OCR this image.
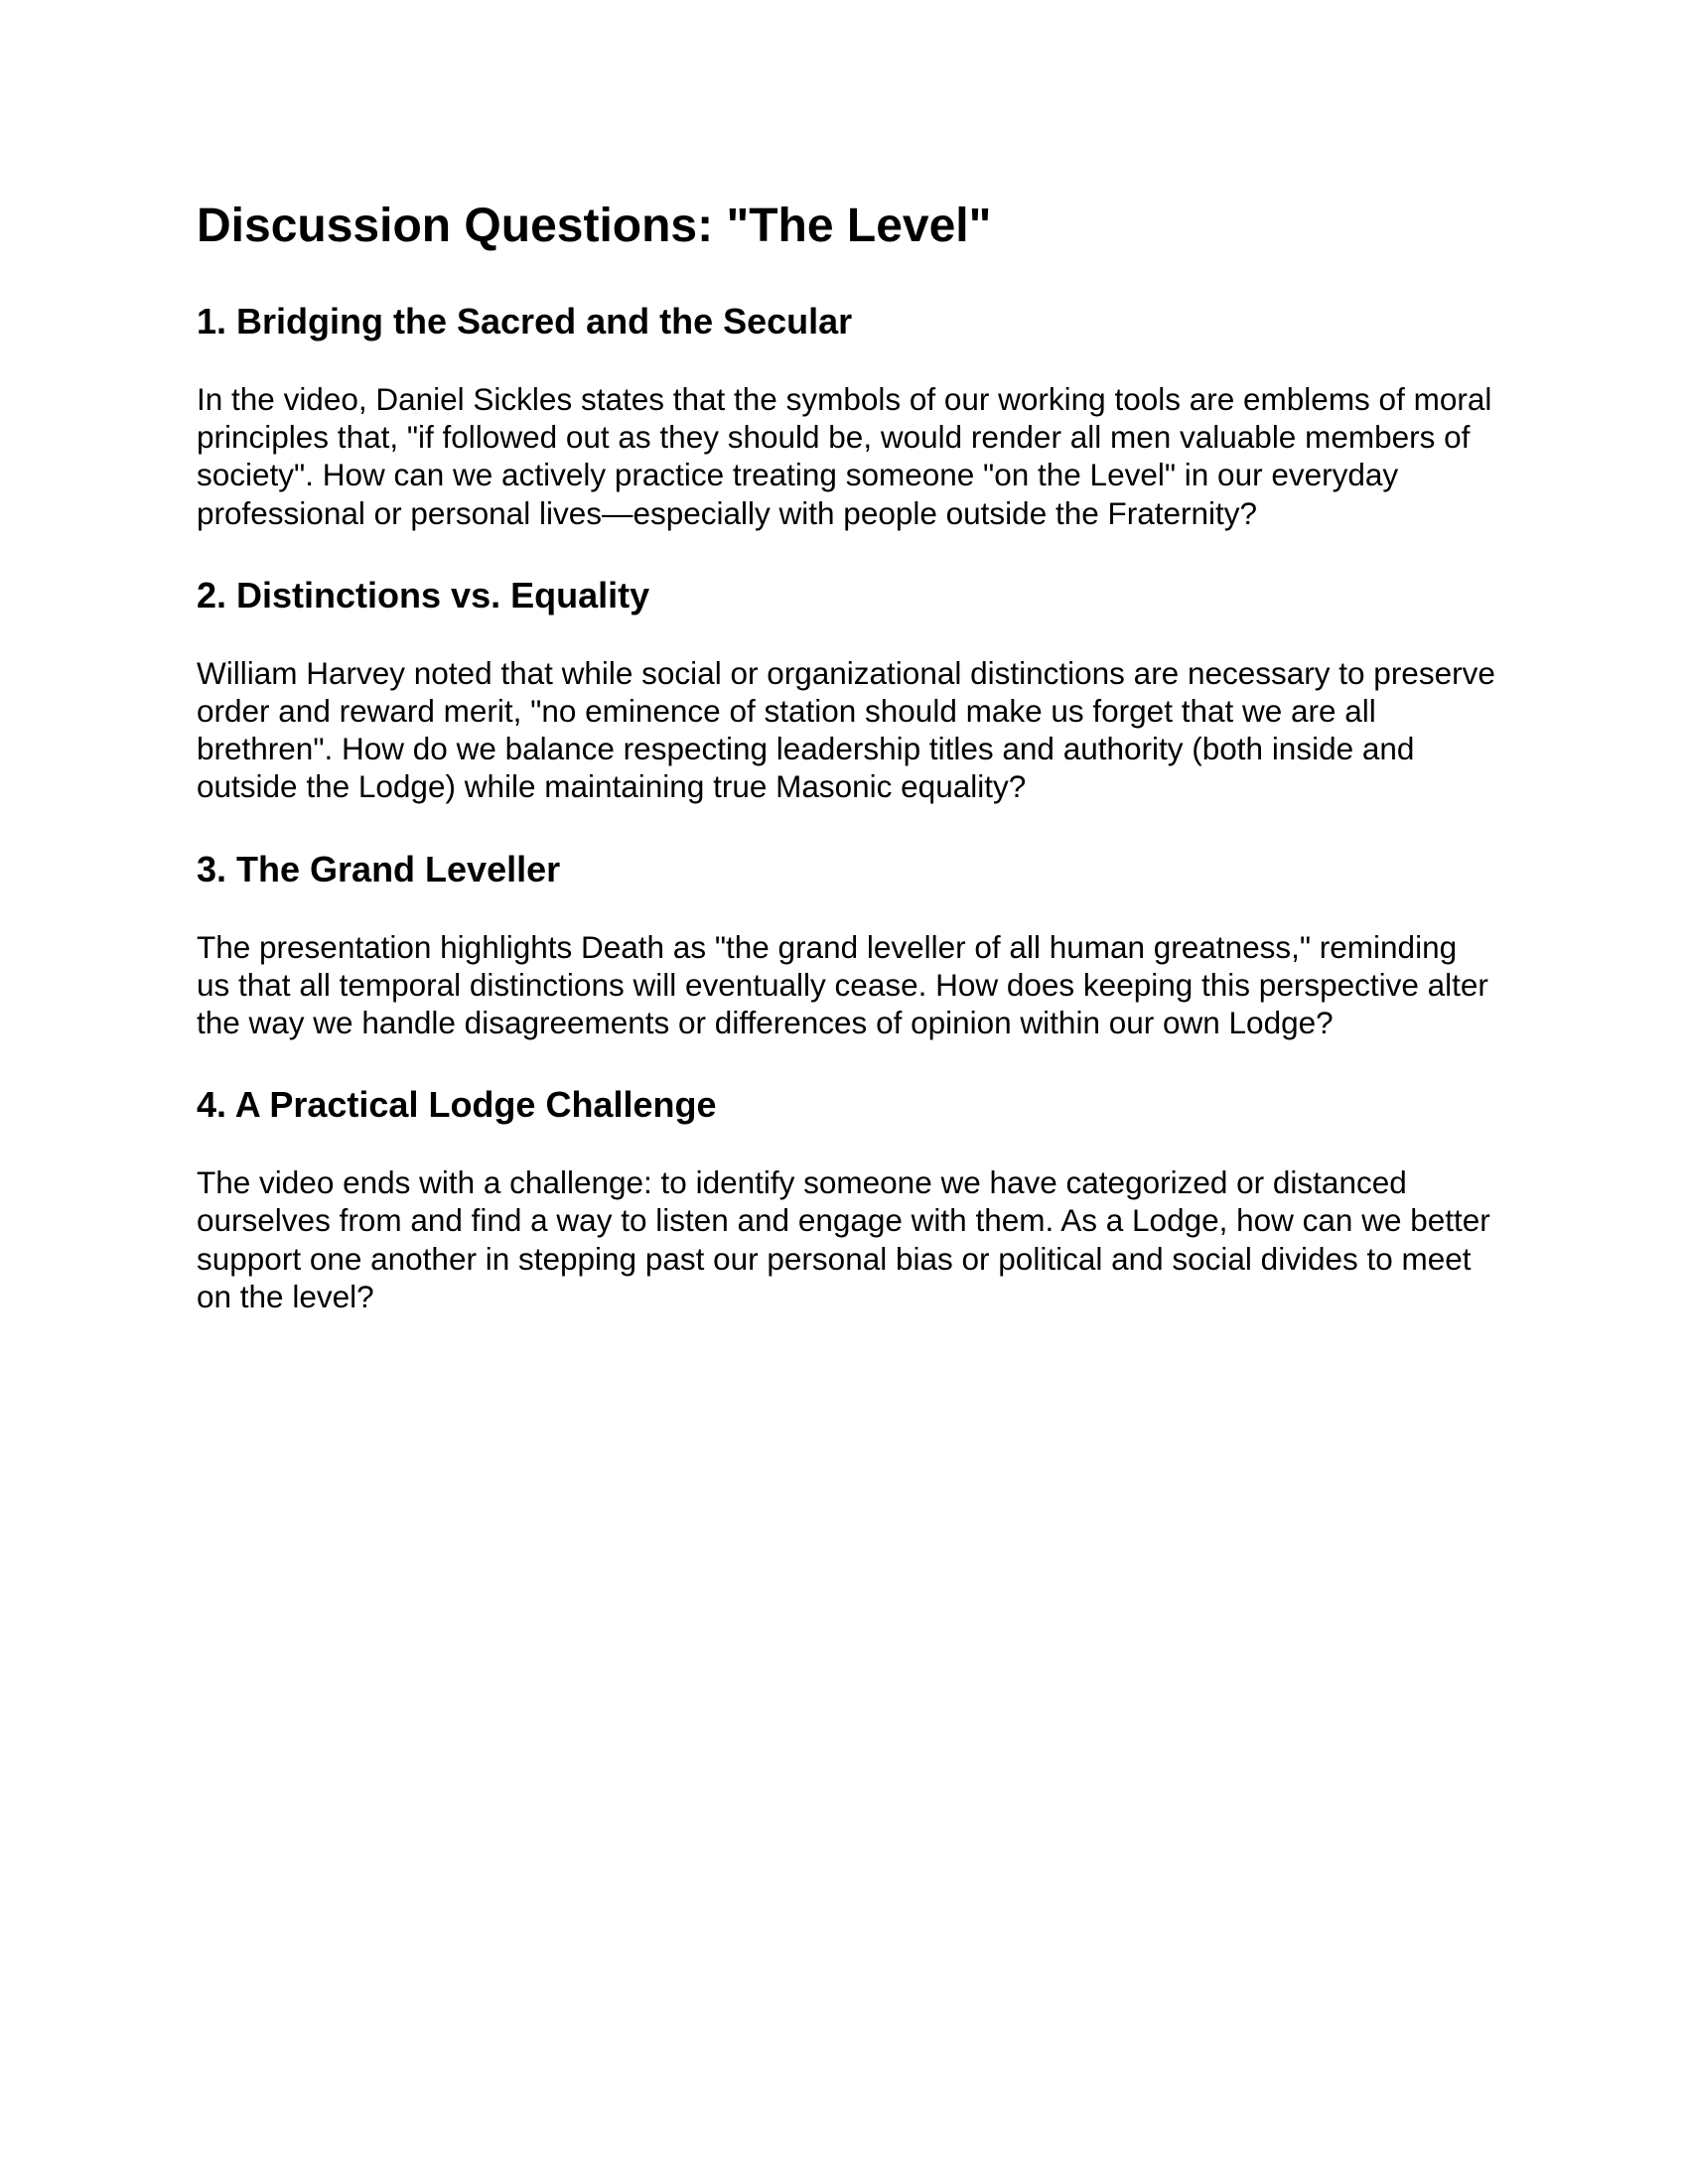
Discussion Questions: "The Level"
1. Bridging the Sacred and the Secular

In the video, Daniel Sickles states that the symbols of our working tools are emblems of moral principles that, "if followed out as they should be, would render all men valuable members of society". How can we actively practice treating someone "on the Level" in our everyday professional or personal lives—especially with people outside the Fraternity?

2. Distinctions vs. Equality

William Harvey noted that while social or organizational distinctions are necessary to preserve order and reward merit, "no eminence of station should make us forget that we are all brethren". How do we balance respecting leadership titles and authority (both inside and outside the Lodge) while maintaining true Masonic equality?

3. The Grand Leveller

The presentation highlights Death as "the grand leveller of all human greatness," reminding us that all temporal distinctions will eventually cease. How does keeping this perspective alter the way we handle disagreements or differences of opinion within our own Lodge?

4. A Practical Lodge Challenge

The video ends with a challenge: to identify someone we have categorized or distanced ourselves from and find a way to listen and engage with them. As a Lodge, how can we better support one another in stepping past our personal bias or political and social divides to meet on the level?
